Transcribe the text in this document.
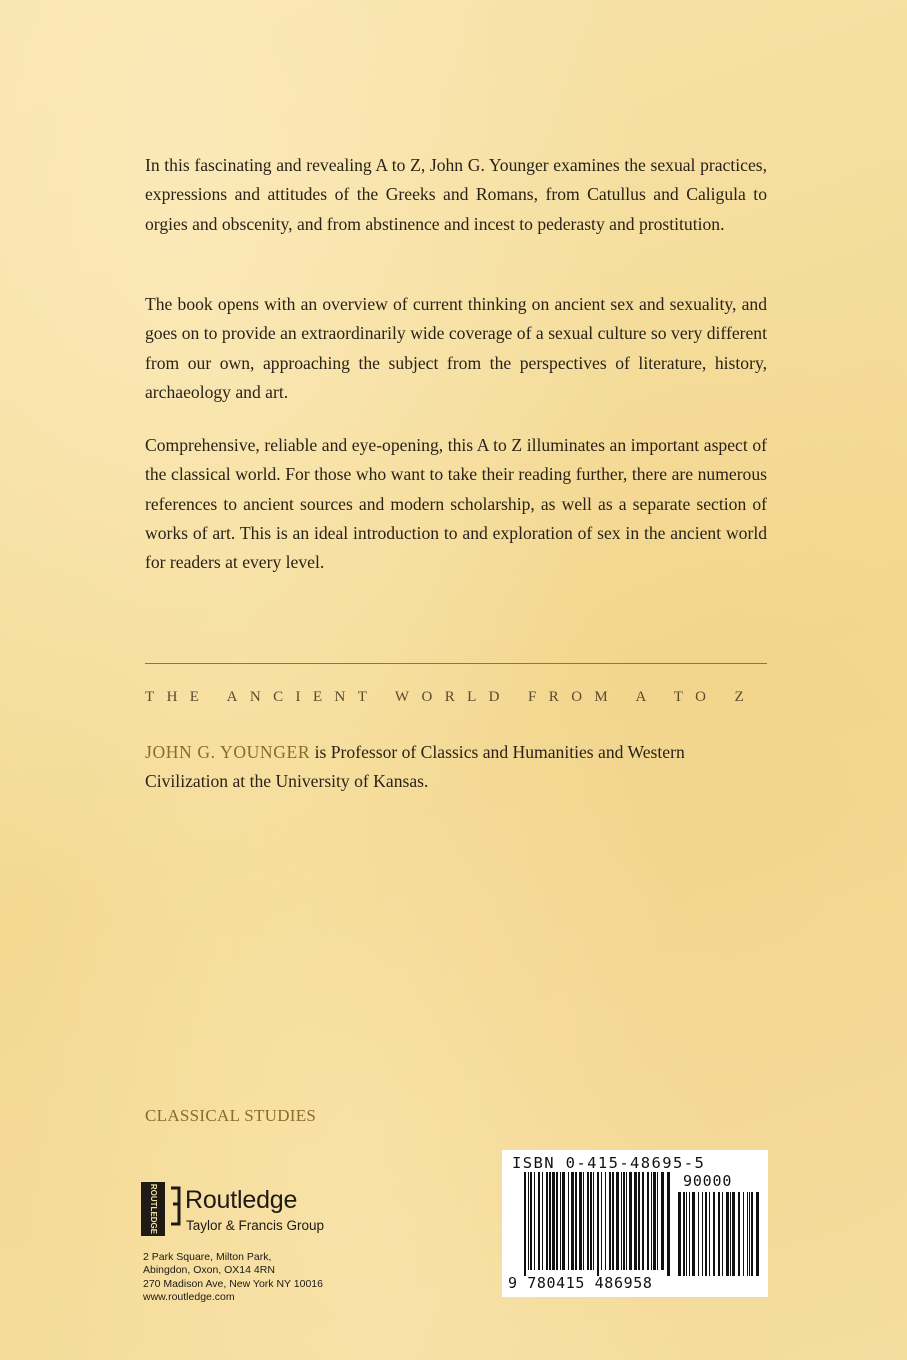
In this fascinating and revealing A to Z, John G. Younger examines the sexual practices, expressions and attitudes of the Greeks and Romans, from Catullus and Caligula to orgies and obscenity, and from abstinence and incest to pederasty and prostitution.

The book opens with an overview of current thinking on ancient sex and sexuality, and goes on to provide an extraordinarily wide coverage of a sexual culture so very different from our own, approaching the subject from the perspectives of literature, history, archaeology and art.

Comprehensive, reliable and eye-opening, this A to Z illuminates an important aspect of the classical world. For those who want to take their reading further, there are numerous references to ancient sources and modern scholarship, as well as a separate section of works of art. This is an ideal introduction to and exploration of sex in the ancient world for readers at every level.

THE ANCIENT WORLD FROM A TO Z

JOHN G. YOUNGER is Professor of Classics and Humanities and Western Civilization at the University of Kansas.

CLASSICAL STUDIES
ROUTLEDGE Routledge
Taylor & Francis Group
2 Park Square, Milton Park,
Abingdon, Oxon, OX14 4RN
270 Madison Ave, New York NY 10016
www.routledge.com
ISBN 0-415-48695-5
90000
9 780415 486958
